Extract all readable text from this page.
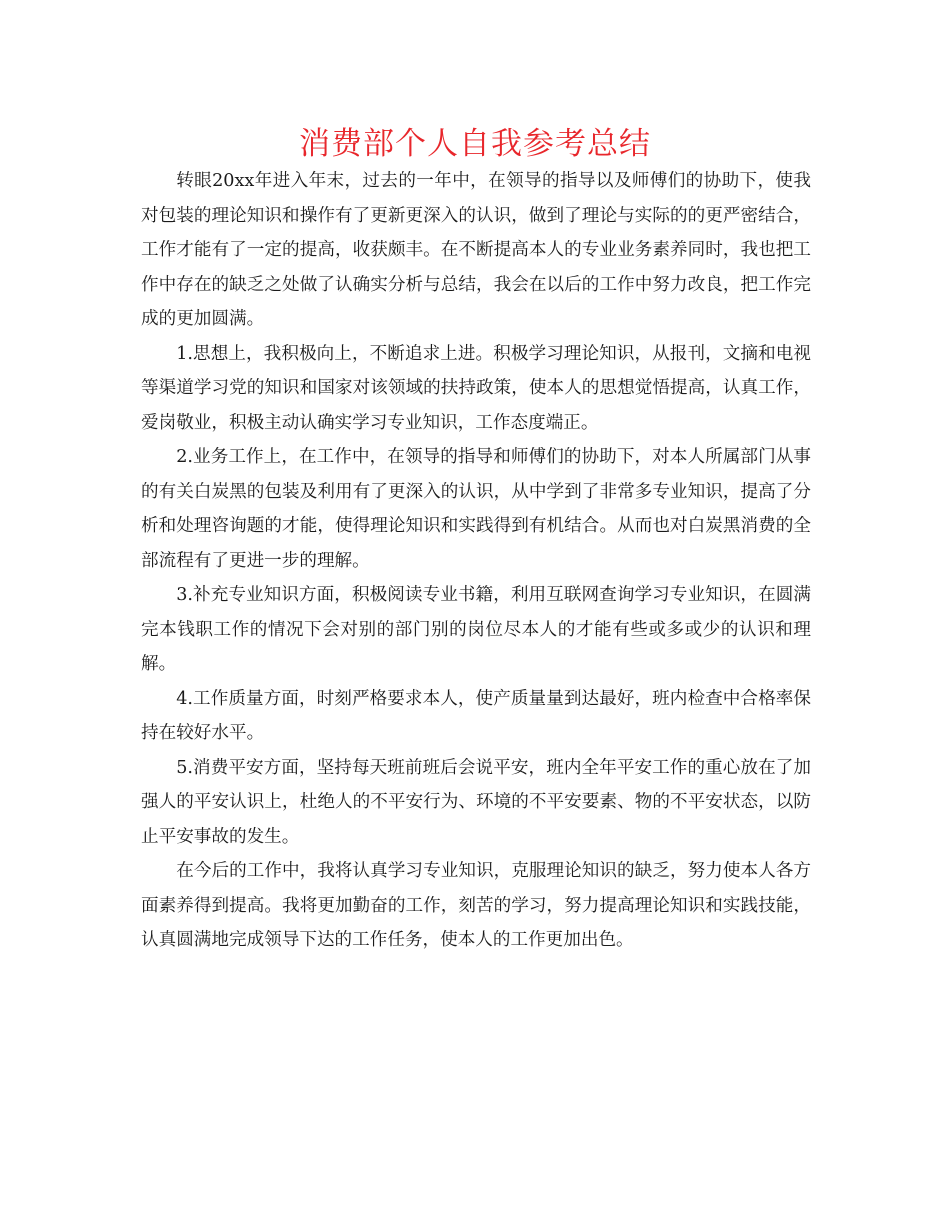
消费部个人自我参考总结

转眼20xx年进入年末，过去的一年中，在领导的指导以及师傅们的协助下，使我对包装的理论知识和操作有了更新更深入的认识，做到了理论与实际的的更严密结合，工作才能有了一定的提高，收获颇丰。在不断提高本人的专业业务素养同时，我也把工作中存在的缺乏之处做了认确实分析与总结，我会在以后的工作中努力改良，把工作完成的更加圆满。

1.思想上，我积极向上，不断追求上进。积极学习理论知识，从报刊，文摘和电视等渠道学习党的知识和国家对该领域的扶持政策，使本人的思想觉悟提高，认真工作，爱岗敬业，积极主动认确实学习专业知识，工作态度端正。

2.业务工作上，在工作中，在领导的指导和师傅们的协助下，对本人所属部门从事的有关白炭黑的包装及利用有了更深入的认识，从中学到了非常多专业知识，提高了分析和处理咨询题的才能，使得理论知识和实践得到有机结合。从而也对白炭黑消费的全部流程有了更进一步的理解。

3.补充专业知识方面，积极阅读专业书籍，利用互联网查询学习专业知识，在圆满完本钱职工作的情况下会对别的部门别的岗位尽本人的才能有些或多或少的认识和理解。

4.工作质量方面，时刻严格要求本人，使产质量量到达最好，班内检查中合格率保持在较好水平。

5.消费平安方面，坚持每天班前班后会说平安，班内全年平安工作的重心放在了加强人的平安认识上，杜绝人的不平安行为、环境的不平安要素、物的不平安状态，以防止平安事故的发生。

在今后的工作中，我将认真学习专业知识，克服理论知识的缺乏，努力使本人各方面素养得到提高。我将更加勤奋的工作，刻苦的学习，努力提高理论知识和实践技能，认真圆满地完成领导下达的工作任务，使本人的工作更加出色。
